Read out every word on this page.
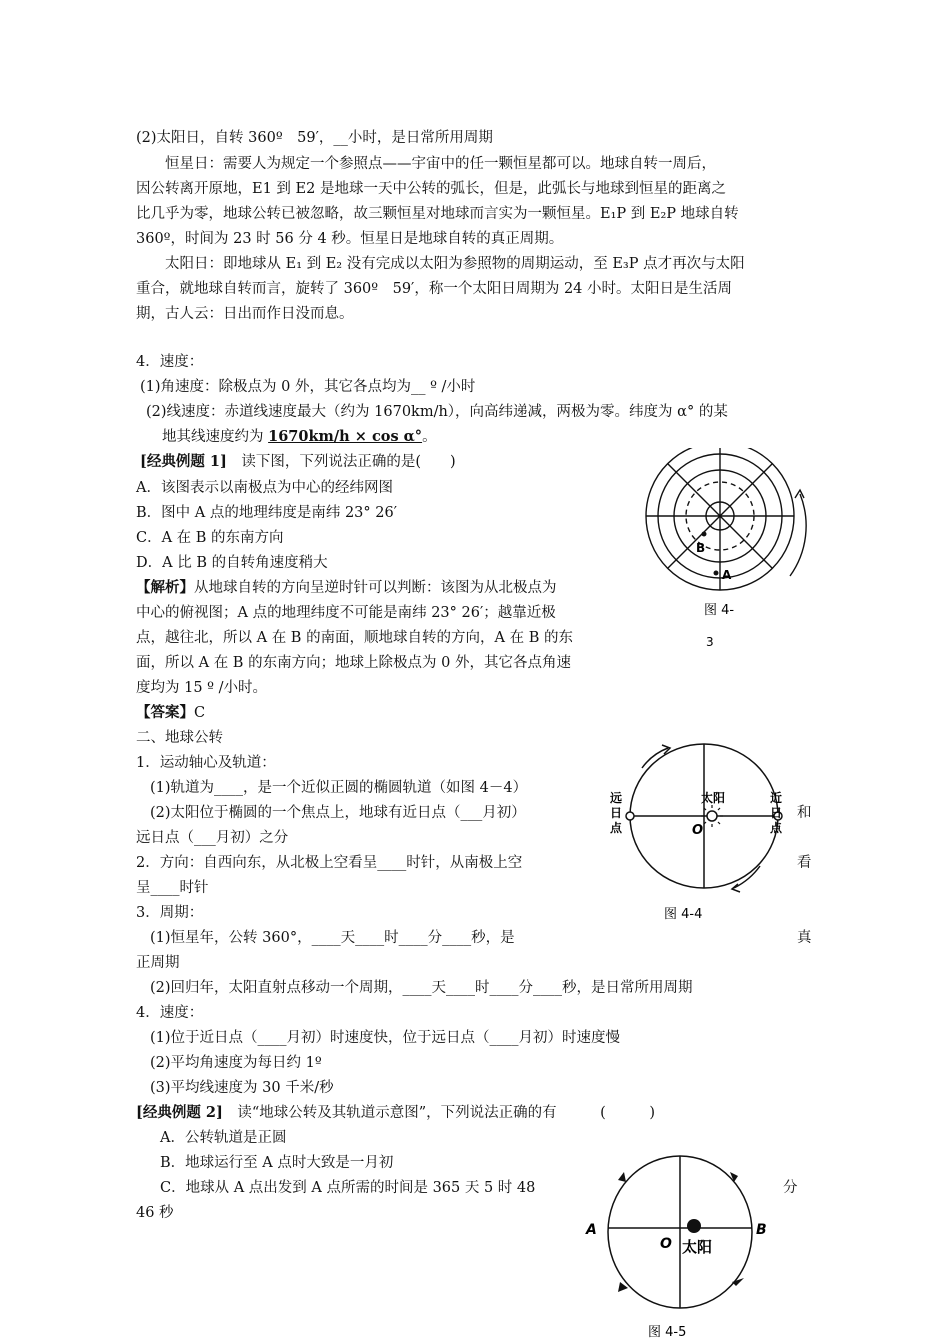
(2)太阳日，自转 360º　59′，__小时，是日常所用周期
恒星日：需要人为规定一个参照点——宇宙中的任一颗恒星都可以。地球自转一周后，
因公转离开原地，E1 到 E2 是地球一天中公转的弧长，但是，此弧长与地球到恒星的距离之
比几乎为零，地球公转已被忽略，故三颗恒星对地球而言实为一颗恒星。E₁P 到 E₂P 地球自转
360º，时间为 23 时 56 分 4 秒。恒星日是地球自转的真正周期。
太阳日：即地球从 E₁ 到 E₂ 没有完成以太阳为参照物的周期运动，至 E₃P 点才再次与太阳
重合，就地球自转而言，旋转了 360º　59′，称一个太阳日周期为 24 小时。太阳日是生活周
期，古人云：日出而作日没而息。
4．速度：
(1)角速度：除极点为 0 外，其它各点均为__ º /小时
(2)线速度：赤道线速度最大（约为 1670km/h），向高纬递减，两极为零。纬度为 α° 的某
地其线速度约为 1670km/h × cos α°。
[经典例题 1]　读下图，下列说法正确的是(　　)
A．该图表示以南极点为中心的经纬网图
B．图中 A 点的地理纬度是南纬 23° 26′
C．A 在 B 的东南方向
D．A 比 B 的自转角速度稍大
【解析】从地球自转的方向呈逆时针可以判断：该图为从北极点为
中心的俯视图；A 点的地理纬度不可能是南纬 23° 26′；越靠近极
点，越往北，所以 A 在 B 的南面，顺地球自转的方向，A 在 B 的东
面，所以 A 在 B 的东南方向；地球上除极点为 0 外，其它各点角速
度均为 15 º /小时。
【答案】C
二、地球公转
1．运动轴心及轨道：
(1)轨道为____，是一个近似正圆的椭圆轨道（如图 4－4）
(2)太阳位于椭圆的一个焦点上，地球有近日点（___月初）	和
远日点（___月初）之分
2．方向：自西向东，从北极上空看呈____时针，从南极上空	看
呈____时针
3．周期：
(1)恒星年，公转 360°，____天____时____分____秒，是	真
正周期
(2)回归年，太阳直射点移动一个周期，____天____时____分____秒，是日常所用周期
4．速度：
(1)位于近日点（____月初）时速度快，位于远日点（____月初）时速度慢
(2)平均角速度为每日约 1º
(3)平均线速度为 30 千米/秒
[经典例题 2]　读“地球公转及其轨道示意图”，下列说法正确的有　　　(　　　)
A．公转轨道是正圆
B．地球运行至 A 点时大致是一月初
C．地球从 A 点出发到 A 点所需的时间是 365 天 5 时 48	分
46 秒
A
B
图 4-
3
太阳
O
远日点
近日点
图 4-4
A	B
O 太阳
图 4-5
